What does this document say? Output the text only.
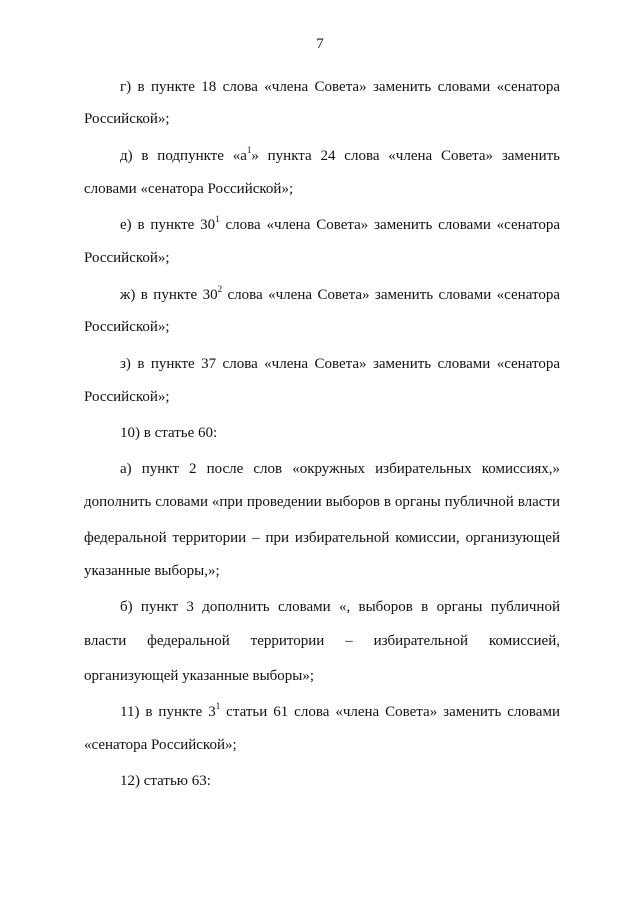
7
г) в пункте 18 слова «члена Совета» заменить словами «сенатора
Российской»;
д) в подпункте «$а^1$» пункта 24 слова «члена Совета» заменить
словами «сенатора Российской»;
е) в пункте $30^1$ слова «члена Совета» заменить словами «сенатора
Российской»;
ж) в пункте $30^2$ слова «члена Совета» заменить словами «сенатора
Российской»;
з) в пункте 37 слова «члена Совета» заменить словами «сенатора
Российской»;
10) в статье 60:
а) пункт 2 после слов «окружных избирательных комиссиях,»
дополнить словами «при проведении выборов в органы публичной власти
федеральной территории – при избирательной комиссии, организующей
указанные выборы,»;
б) пункт 3 дополнить словами «, выборов в органы публичной
власти федеральной территории – избирательной комиссией,
организующей указанные выборы»;
11) в пункте $3^1$ статьи 61 слова «члена Совета» заменить словами
«сенатора Российской»;
12) статью 63:
